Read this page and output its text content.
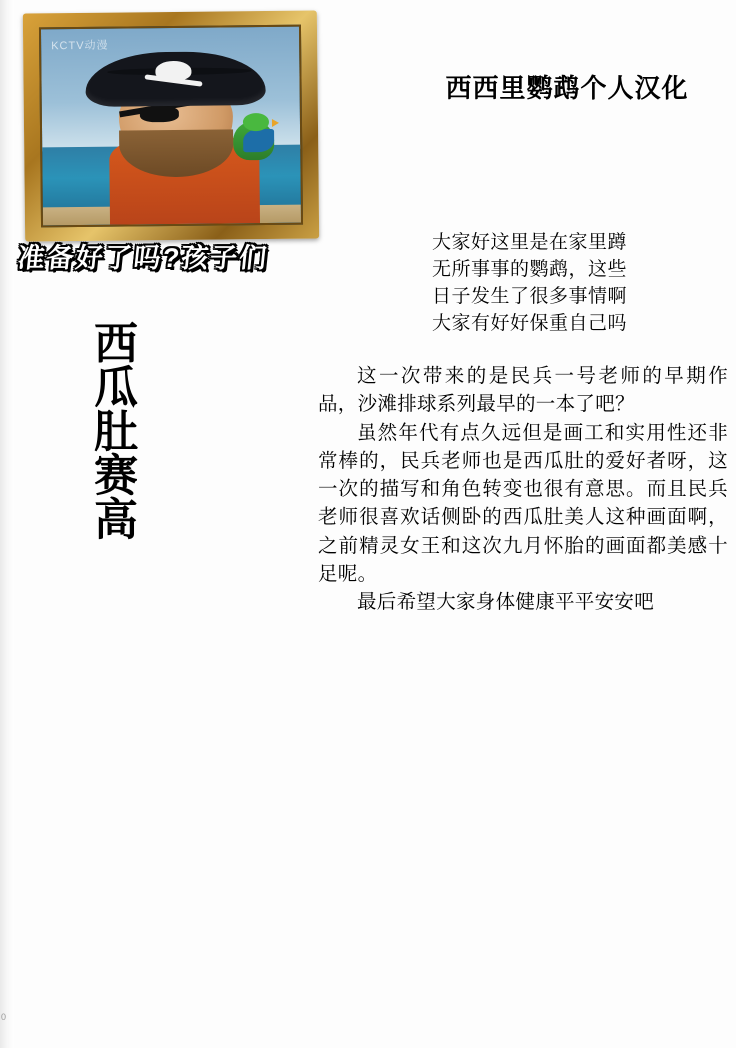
0
KCTV动漫
准备好了吗?孩子们
西瓜肚赛高
西西里鹦鹉个人汉化

大家好这里是在家里蹲

无所事事的鹦鹉，这些

日子发生了很多事情啊

大家有好好保重自己吗

这一次带来的是民兵一号老师的早期作品，沙滩排球系列最早的一本了吧？

虽然年代有点久远但是画工和实用性还非常棒的，民兵老师也是西瓜肚的爱好者呀，这一次的描写和角色转变也很有意思。而且民兵老师很喜欢话侧卧的西瓜肚美人这种画面啊，之前精灵女王和这次九月怀胎的画面都美感十足呢。

最后希望大家身体健康平平安安吧
